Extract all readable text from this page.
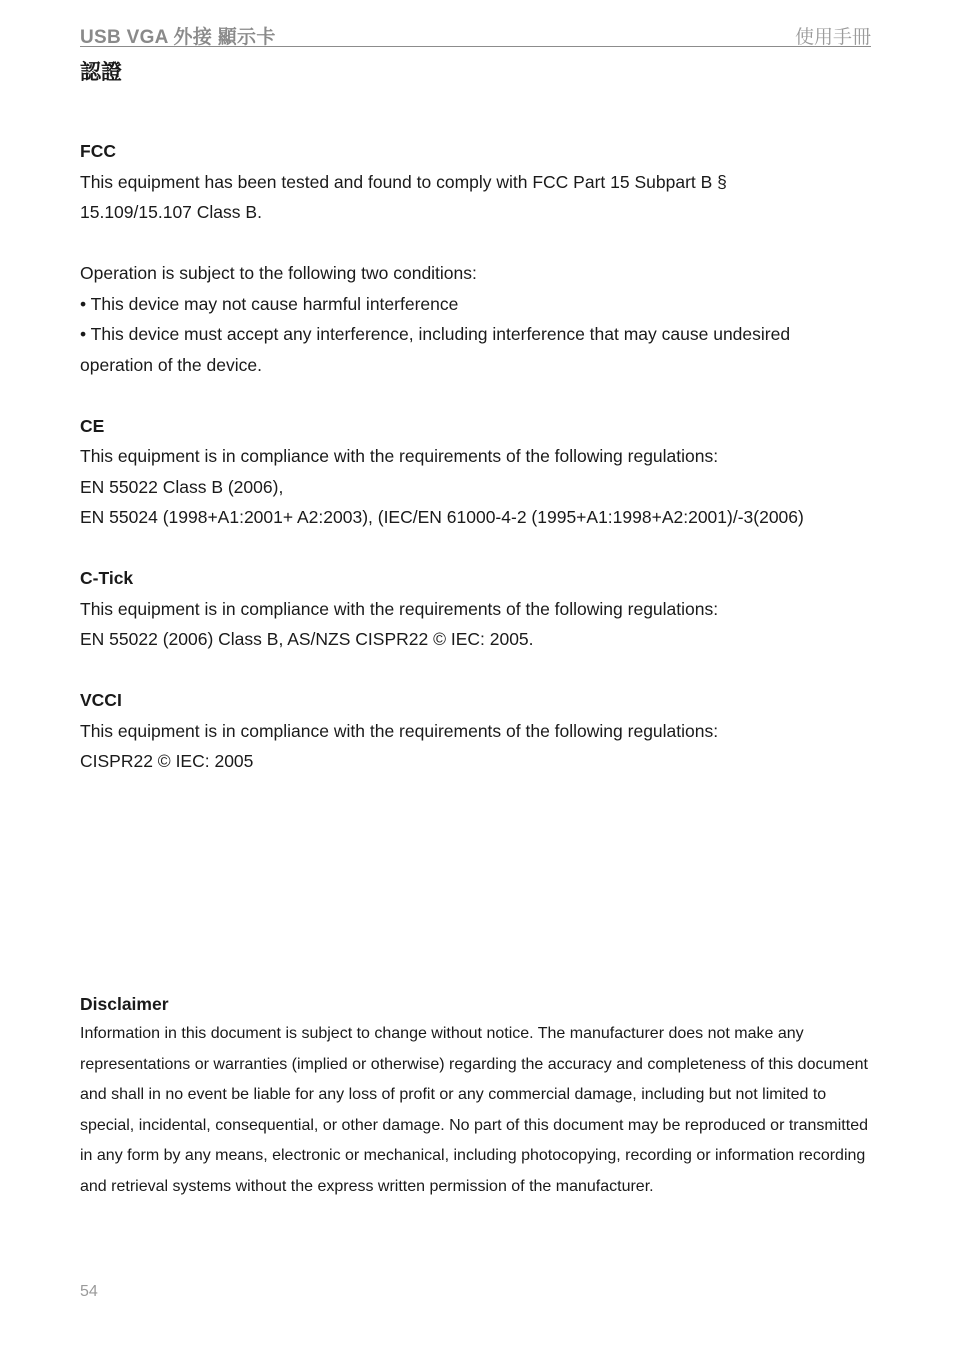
USB VGA 外接 顯示卡	使用手冊
認證
FCC
This equipment has been tested and found to comply with FCC Part 15 Subpart B §
15.109/15.107 Class B.
Operation is subject to the following two conditions:
• This device may not cause harmful interference
• This device must accept any interference, including interference that may cause undesired
operation of the device.
CE
This equipment is in compliance with the requirements of the following regulations:
EN 55022 Class B (2006),
EN 55024 (1998+A1:2001+ A2:2003), (IEC/EN 61000-4-2 (1995+A1:1998+A2:2001)/-3(2006)
C-Tick
This equipment is in compliance with the requirements of the following regulations:
EN 55022 (2006) Class B, AS/NZS CISPR22 © IEC: 2005.
VCCI
This equipment is in compliance with the requirements of the following regulations:
CISPR22 © IEC: 2005
Disclaimer

Information in this document is subject to change without notice. The manufacturer does not make any representations or warranties (implied or otherwise) regarding the accuracy and completeness of this document and shall in no event be liable for any loss of profit or any commercial damage, including but not limited to special, incidental, consequential, or other damage. No part of this document may be reproduced or transmitted in any form by any means, electronic or mechanical, including photocopying, recording or information recording and retrieval systems without the express written permission of the manufacturer.

54
